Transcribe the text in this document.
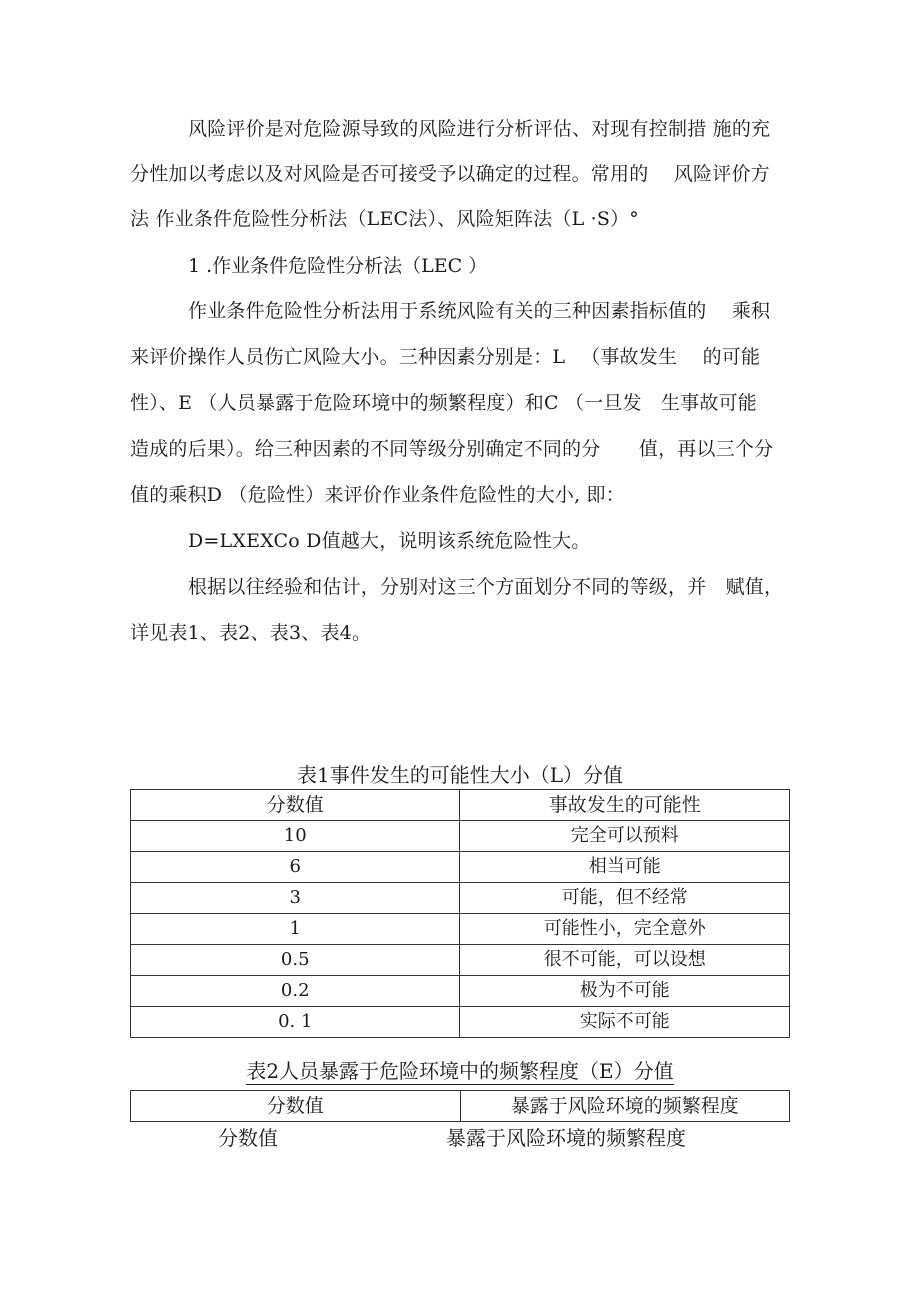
风险评价是对危险源导致的风险进行分析评估、对现有控制措 施的充
分性加以考虑以及对风险是否可接受予以确定的过程。常用的　 风险评价方
法 作业条件危险性分析法（LEC法）、风险矩阵法（L ·S）°
1 .作业条件危险性分析法（LEC ）
作业条件危险性分析法用于系统风险有关的三种因素指标值的　 乘积
来评价操作人员伤亡风险大小。三种因素分别是：L 　（事故发生　 的可能
性）、E （人员暴露于危险环境中的频繁程度）和C （一旦发　生事故可能
造成的后果）。给三种因素的不同等级分别确定不同的分　　值，再以三个分
值的乘积D （危险性）来评价作业条件危险性的大小, 即：
D=LXEXCo D值越大，说明该系统危险性大。
根据以往经验和估计，分别对这三个方面划分不同的等级，并　赋值，
详见表1、表2、表3、表4。
表1事件发生的可能性大小（L）分值
分数值	事故发生的可能性
10	完全可以预料
6	相当可能
3	可能，但不经常
1	可能性小，完全意外
0.5	很不可能，可以设想
0.2	极为不可能
0. 1	实际不可能
表2人员暴露于危险环境中的频繁程度（E）分值
分数值	暴露于风险环境的频繁程度
分数值	暴露于风险环境的频繁程度
